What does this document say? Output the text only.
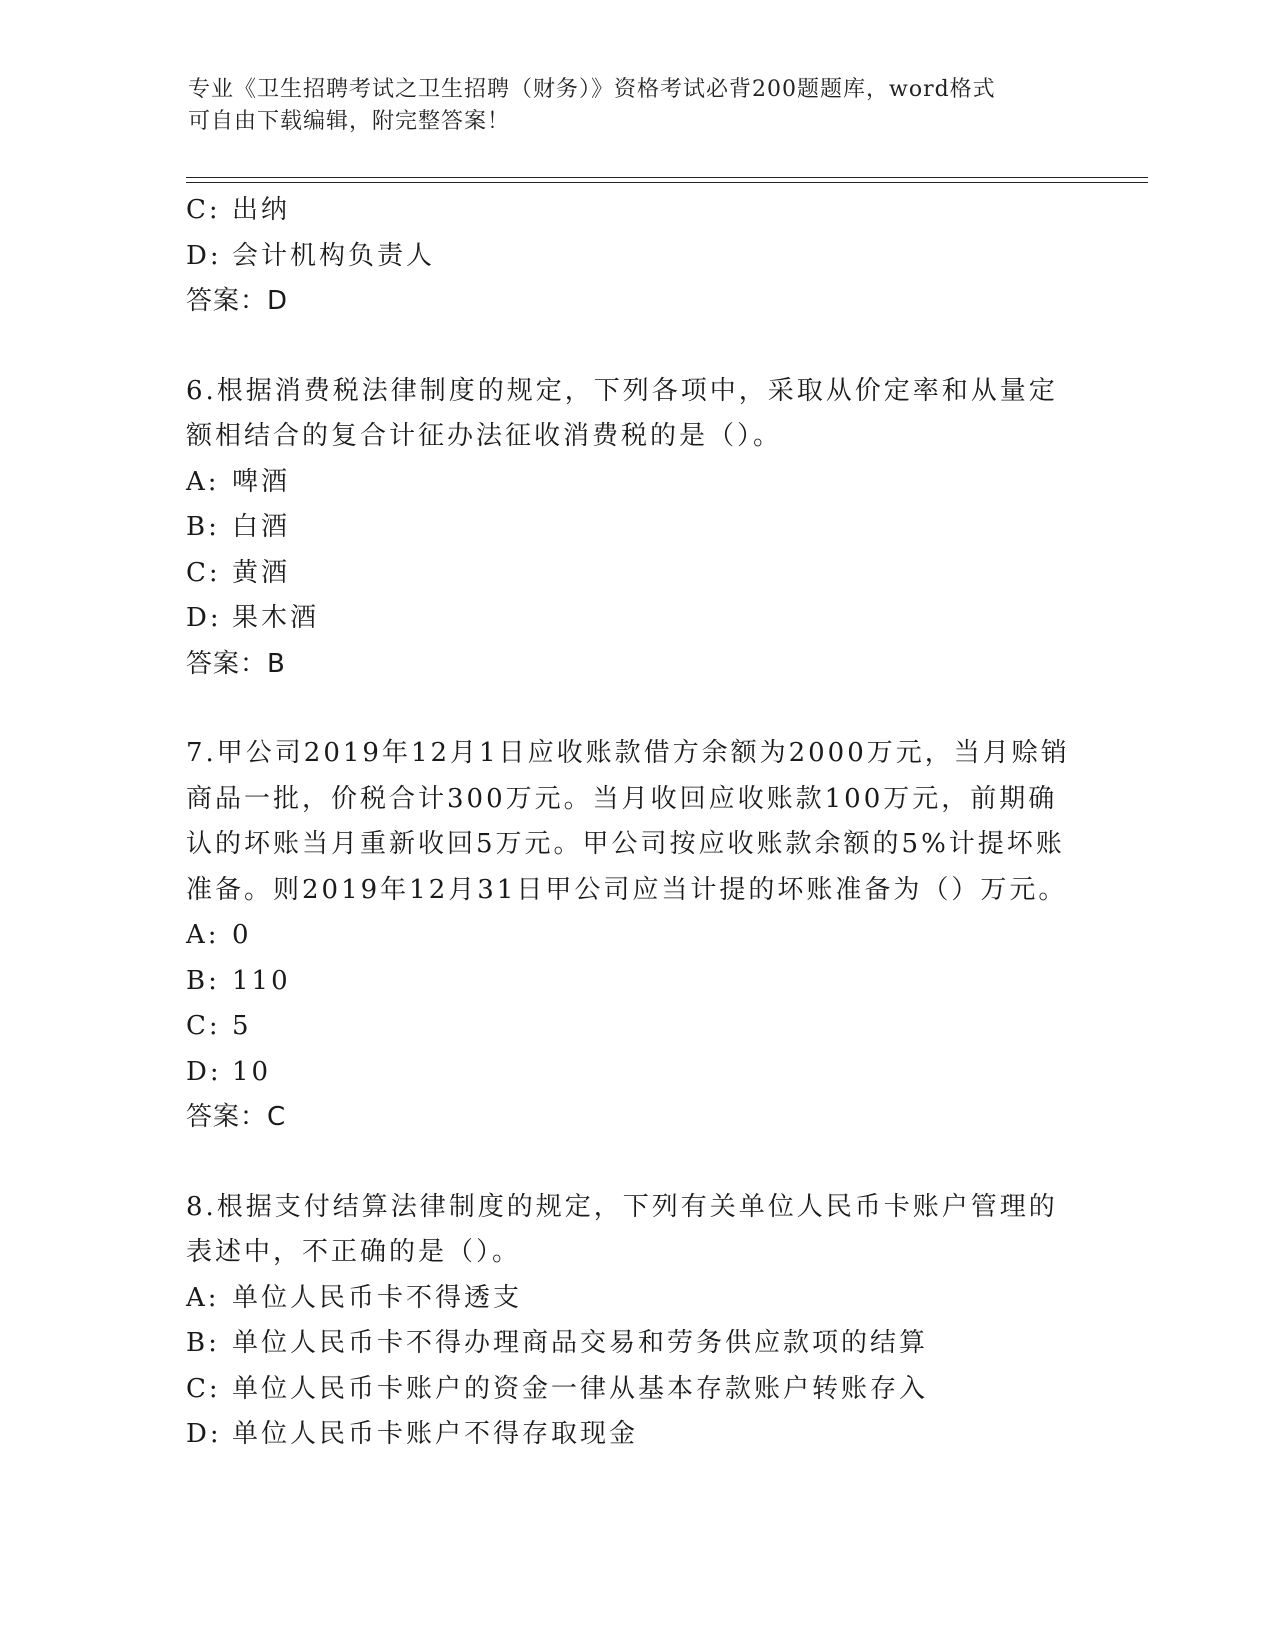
专业《卫生招聘考试之卫生招聘（财务）》资格考试必背200题题库，word格式
可自由下载编辑，附完整答案！
C: 出纳
D: 会计机构负责人
答案：D
6.根据消费税法律制度的规定，下列各项中，采取从价定率和从量定
额相结合的复合计征办法征收消费税的是（）。
A: 啤酒
B: 白酒
C: 黄酒
D: 果木酒
答案：B
7.甲公司2019年12月1日应收账款借方余额为2000万元，当月赊销
商品一批，价税合计300万元。当月收回应收账款100万元，前期确
认的坏账当月重新收回5万元。甲公司按应收账款余额的5%计提坏账
准备。则2019年12月31日甲公司应当计提的坏账准备为（）万元。
A: 0
B: 110
C: 5
D: 10
答案：C
8.根据支付结算法律制度的规定，下列有关单位人民币卡账户管理的
表述中，不正确的是（）。
A: 单位人民币卡不得透支
B: 单位人民币卡不得办理商品交易和劳务供应款项的结算
C: 单位人民币卡账户的资金一律从基本存款账户转账存入
D: 单位人民币卡账户不得存取现金
